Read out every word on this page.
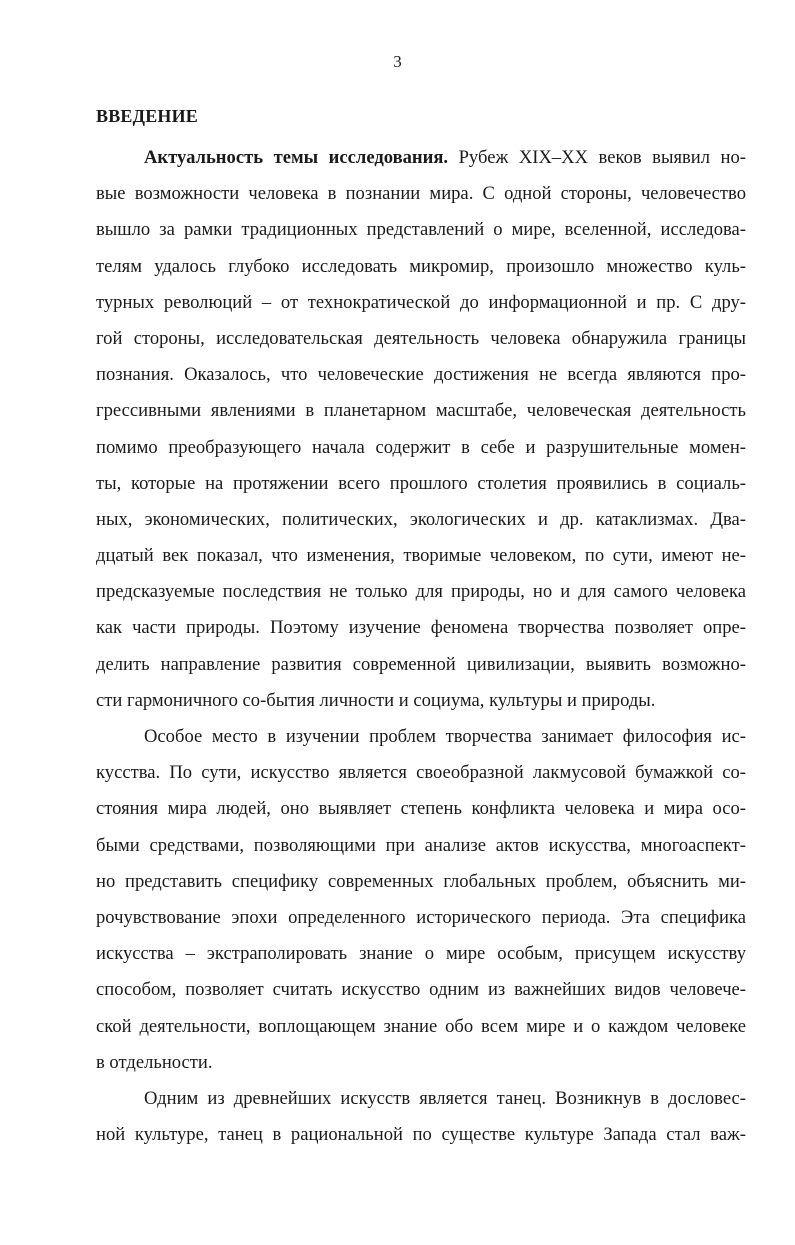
3
ВВЕДЕНИЕ
Актуальность темы исследования. Рубеж XIX–XX веков выявил но-
вые возможности человека в познании мира. С одной стороны, человечество
вышло за рамки традиционных представлений о мире, вселенной, исследова-
телям удалось глубоко исследовать микромир, произошло множество куль-
турных революций – от технократической до информационной и пр. С дру-
гой стороны, исследовательская деятельность человека обнаружила границы
познания. Оказалось, что человеческие достижения не всегда являются про-
грессивными явлениями в планетарном масштабе, человеческая деятельность
помимо преобразующего начала содержит в себе и разрушительные момен-
ты, которые на протяжении всего прошлого столетия проявились в социаль-
ных, экономических, политических, экологических и др. катаклизмах. Два-
дцатый век показал, что изменения, творимые человеком, по сути, имеют не-
предсказуемые последствия не только для природы, но и для самого человека
как части природы. Поэтому изучение феномена творчества позволяет опре-
делить направление развития современной цивилизации, выявить возможно-
сти гармоничного со-бытия личности и социума, культуры и природы.
Особое место в изучении проблем творчества занимает философия ис-
кусства. По сути, искусство является своеобразной лакмусовой бумажкой со-
стояния мира людей, оно выявляет степень конфликта человека и мира осо-
быми средствами, позволяющими при анализе актов искусства, многоаспект-
но представить специфику современных глобальных проблем, объяснить ми-
рочувствование эпохи определенного исторического периода. Эта специфика
искусства – экстраполировать знание о мире особым, присущем искусству
способом, позволяет считать искусство одним из важнейших видов человече-
ской деятельности, воплощающем знание обо всем мире и о каждом человеке
в отдельности.
Одним из древнейших искусств является танец. Возникнув в дословес-
ной культуре, танец в рациональной по существе культуре Запада стал важ-
